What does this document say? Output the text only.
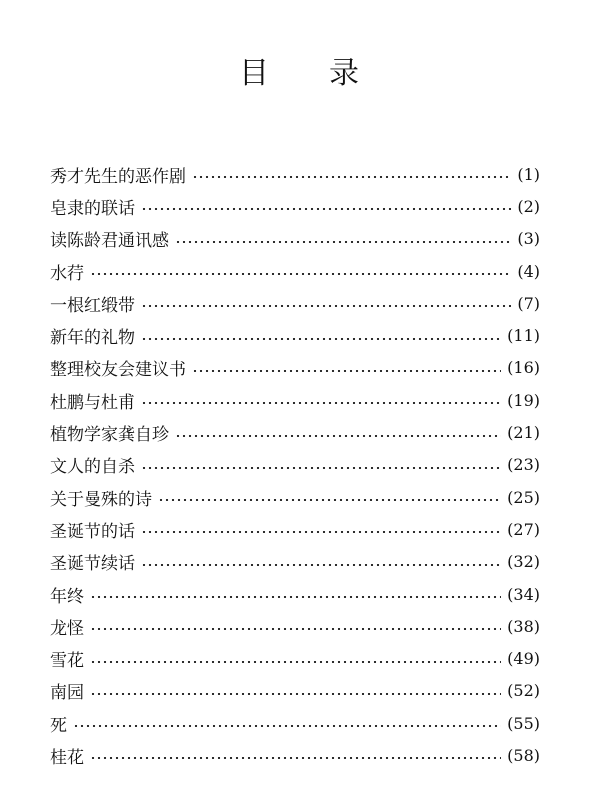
目 录
秀才先生的恶作剧	( 1 )
皂隶的联话	( 2 )
读陈龄君通讯感	( 3 )
水荇	( 4 )
一根红缎带	( 7 )
新年的礼物	( 11 )
整理校友会建议书	( 16 )
杜鹏与杜甫	( 19 )
植物学家龚自珍	( 21 )
文人的自杀	( 23 )
关于曼殊的诗	( 25 )
圣诞节的话	( 27 )
圣诞节续话	( 32 )
年终	( 34 )
龙怪	( 38 )
雪花	( 49 )
南园	( 52 )
死	( 55 )
桂花	( 58 )
